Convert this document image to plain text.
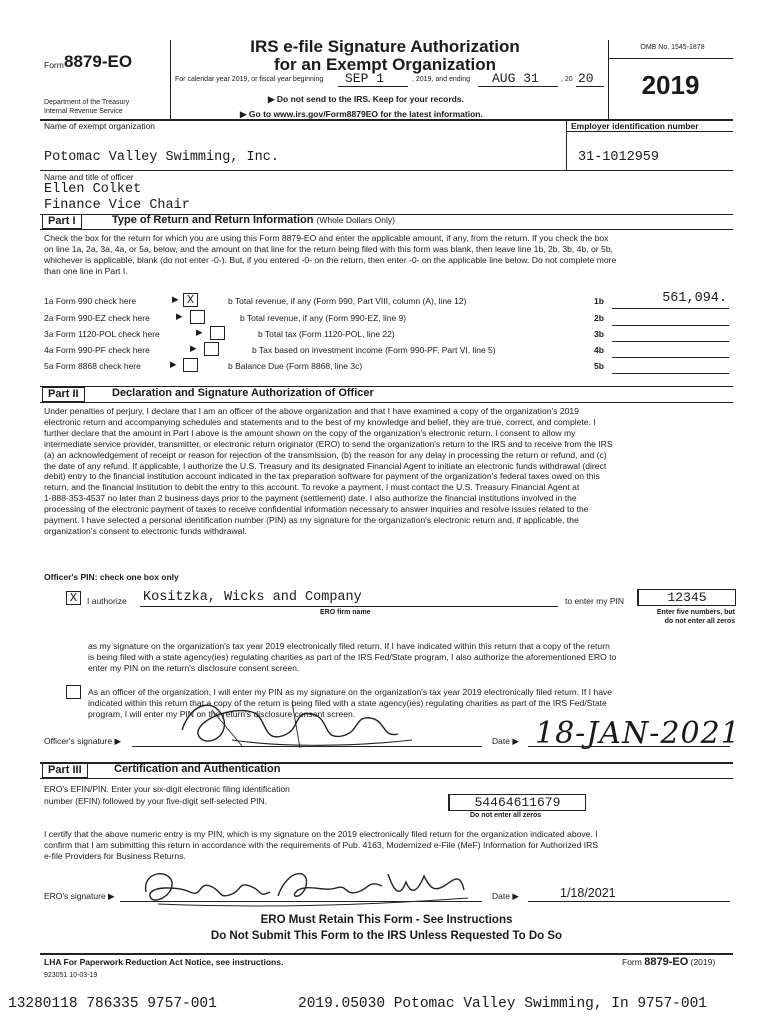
Form 8879-EO
Department of the Treasury
Internal Revenue Service
IRS e-file Signature Authorization
for an Exempt Organization
For calendar year 2019, or fiscal year beginning SEP 1	, 2019, and ending AUG 31	, 20 20
▶ Do not send to the IRS. Keep for your records.
▶ Go to www.irs.gov/Form8879EO for the latest information.
OMB No. 1545-1878
2019
Name of exempt organization	Employer identification number
Potomac Valley Swimming, Inc.	31-1012959
Name and title of officer
Ellen Colket
Finance Vice Chair
Part I	Type of Return and Return Information (Whole Dollars Only)
Check the box for the return for which you are using this Form 8879-EO and enter the applicable amount, if any, from the return. If you check the box
on line 1a, 2a, 3a, 4a, or 5a, below, and the amount on that line for the return being filed with this form was blank, then leave line 1b, 2b, 3b, 4b, or 5b,
whichever is applicable, blank (do not enter -0-). But, if you entered -0- on the return, then enter -0- on the applicable line below. Do not complete more
than one line in Part I.
1a Form 990 check here	▶ X	b Total revenue, if any (Form 990, Part VIII, column (A), line 12)	1b	561,094.
2a Form 990-EZ check here	▶	b Total revenue, if any (Form 990-EZ, line 9)	2b
3a Form 1120-POL check here	▶	b Total tax (Form 1120-POL, line 22)	3b
4a Form 990-PF check here	▶	b Tax based on investment income (Form 990-PF, Part VI, line 5)	4b
5a Form 8868 check here	▶	b Balance Due (Form 8868, line 3c)	5b
Part II	Declaration and Signature Authorization of Officer
Under penalties of perjury, I declare that I am an officer of the above organization and that I have examined a copy of the organization's 2019
electronic return and accompanying schedules and statements and to the best of my knowledge and belief, they are true, correct, and complete. I
further declare that the amount in Part I above is the amount shown on the copy of the organization's electronic return. I consent to allow my
intermediate service provider, transmitter, or electronic return originator (ERO) to send the organization's return to the IRS and to receive from the IRS
(a) an acknowledgement of receipt or reason for rejection of the transmission, (b) the reason for any delay in processing the return or refund, and (c)
the date of any refund. If applicable, I authorize the U.S. Treasury and its designated Financial Agent to initiate an electronic funds withdrawal (direct
debit) entry to the financial institution account indicated in the tax preparation software for payment of the organization's federal taxes owed on this
return, and the financial institution to debit the entry to this account. To revoke a payment, I must contact the U.S. Treasury Financial Agent at
1-888-353-4537 no later than 2 business days prior to the payment (settlement) date. I also authorize the financial institutions involved in the
processing of the electronic payment of taxes to receive confidential information necessary to answer inquiries and resolve issues related to the
payment. I have selected a personal identification number (PIN) as my signature for the organization's electronic return and, if applicable, the
organization's consent to electronic funds withdrawal.
Officer's PIN: check one box only
X	I authorize Kositzka, Wicks and Company
ERO firm name
to enter my PIN	12345
Enter five numbers, but
do not enter all zeros
as my signature on the organization's tax year 2019 electronically filed return. If I have indicated within this return that a copy of the return
is being filed with a state agency(ies) regulating charities as part of the IRS Fed/State program, I also authorize the aforementioned ERO to
enter my PIN on the return's disclosure consent screen.
As an officer of the organization, I will enter my PIN as my signature on the organization's tax year 2019 electronically filed return. If I have
indicated within this return that a copy of the return is being filed with a state agency(ies) regulating charities as part of the IRS Fed/State
program, I will enter my PIN on the return's disclosure consent screen.
Officer's signature ▶	Date ▶ 18-JAN-2021
Part III	Certification and Authentication
ERO's EFIN/PIN. Enter your six-digit electronic filing identification
number (EFIN) followed by your five-digit self-selected PIN.	54464611679
Do not enter all zeros
I certify that the above numeric entry is my PIN, which is my signature on the 2019 electronically filed return for the organization indicated above. I
confirm that I am submitting this return in accordance with the requirements of Pub. 4163, Modernized e-File (MeF) Information for Authorized IRS
e-file Providers for Business Returns.
ERO's signature ▶	Date ▶	1/18/2021
ERO Must Retain This Form - See Instructions
Do Not Submit This Form to the IRS Unless Requested To Do So
LHA For Paperwork Reduction Act Notice, see instructions.	Form 8879-EO (2019)
923051 10-03-19
13280118 786335 9757-001	2019.05030 Potomac Valley Swimming, In 9757-001
